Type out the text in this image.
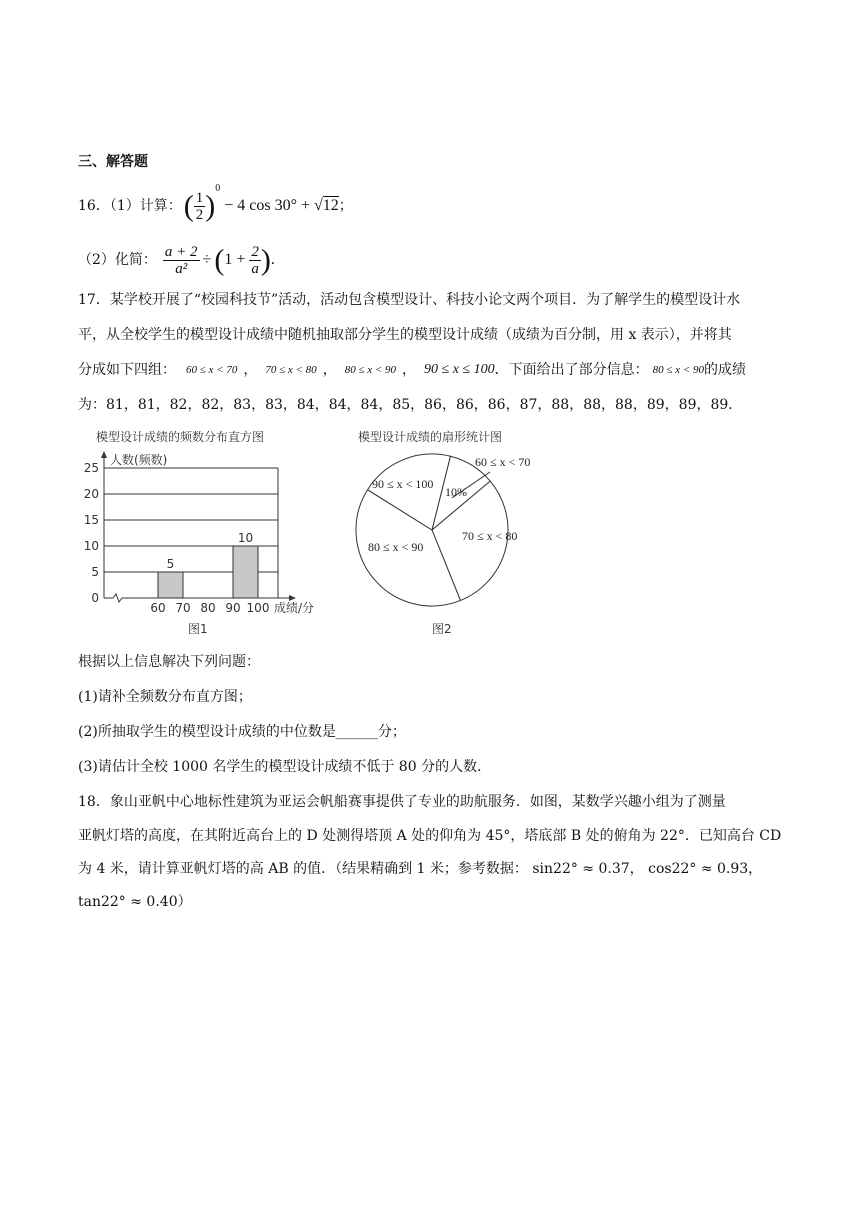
三、解答题
16．（1）计算： ( $\frac{1}{2} )^0$
− 4 cos 30° + √12 ；
（2）化简： $\frac{a + 2}{\text{a²}} \div (1 + \frac{2}{a}$ ) .
17．某学校开展了“校园科技节”活动，活动包含模型设计、科技小论文两个项目．为了解学生的模型设计水
平，从全校学生的模型设计成绩中随机抽取部分学生的模型设计成绩（成绩为百分制，用 x 表示），并将其
分成如下四组： 60 ≤ x < 70 ， 70 ≤ x < 80 ， 80 ≤ x < 90 ， 90 ≤ x ≤ 100 ．下面给出了部分信息： 80 ≤ x < 90 的成绩
为：81，81，82，82，83，83，84，84，84，85，86，86，86，87，88，88，88，89，89，89．
模型设计成绩的频数分布直方图	模型设计成绩的扇形统计图
0
5
10
15
20
25
60 70 80 90 100
5
10
人数(频数)
成绩/分
图1
60 ≤ x < 70
10%
70 ≤ x < 80
80 ≤ x < 90
90 ≤ x < 100
图2
根据以上信息解决下列问题：
(1)请补全频数分布直方图；
(2)所抽取学生的模型设计成绩的中位数是______分；
(3)请估计全校 1000 名学生的模型设计成绩不低于 80 分的人数．
18．象山亚帆中心地标性建筑为亚运会帆船赛事提供了专业的助航服务．如图，某数学兴趣小组为了测量
亚帆灯塔的高度，在其附近高台上的 D 处测得塔顶 A 处的仰角为 45°，塔底部 B 处的俯角为 22°．已知高台 CD
为 4 米，请计算亚帆灯塔的高 AB 的值．（结果精确到 1 米；参考数据： sin22° ≈ 0.37， cos22° ≈ 0.93，
tan22° ≈ 0.40）
